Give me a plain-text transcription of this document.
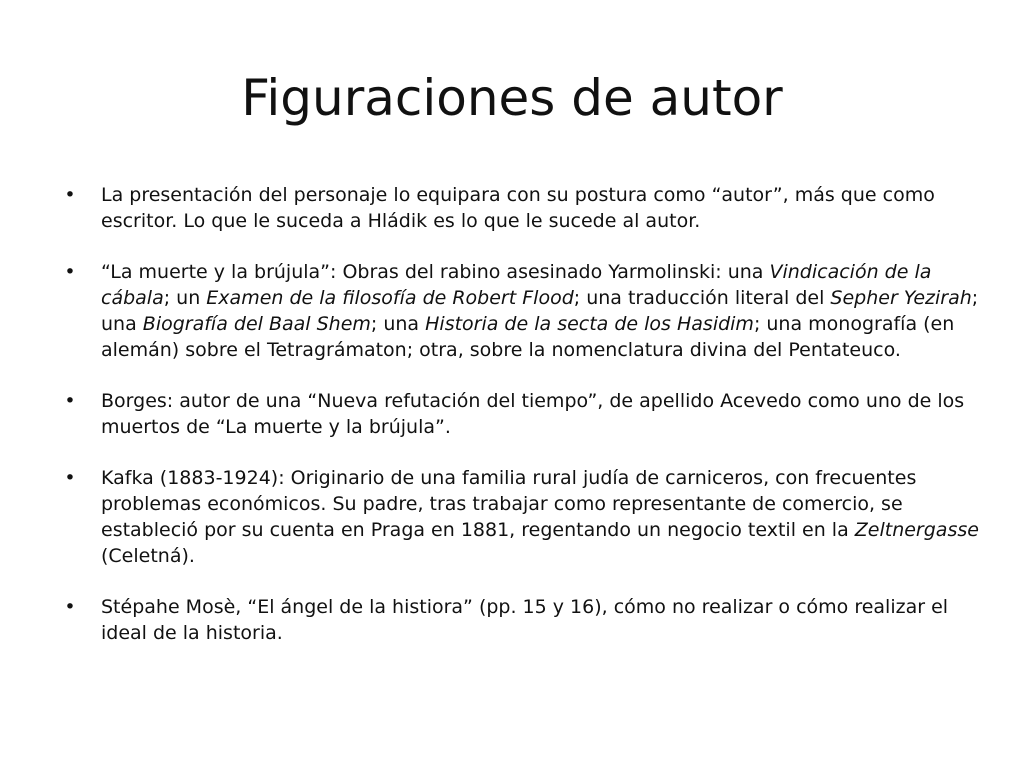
Figuraciones de autor
• La presentación del personaje lo equipara con su postura como “autor”, más que como escritor. Lo que le suceda a Hládik es lo que le sucede al autor.
• “La muerte y la brújula”: Obras del rabino asesinado Yarmolinski: una Vindicación de la cábala; un Examen de la filosofía de Robert Flood; una traducción literal del Sepher Yezirah; una Biografía del Baal Shem; una Historia de la secta de los Hasidim; una monografía (en alemán) sobre el Tetragrámaton; otra, sobre la nomenclatura divina del Pentateuco.
• Borges: autor de una “Nueva refutación del tiempo”, de apellido Acevedo como uno de los muertos de “La muerte y la brújula”.
• Kafka (1883-1924): Originario de una familia rural judía de carniceros, con frecuentes problemas económicos. Su padre, tras trabajar como representante de comercio, se estableció por su cuenta en Praga en 1881, regentando un negocio textil en la Zeltnergasse (Celetná).
• Stépahe Mosè, “El ángel de la histiora” (pp. 15 y 16), cómo no realizar o cómo realizar el ideal de la historia.
